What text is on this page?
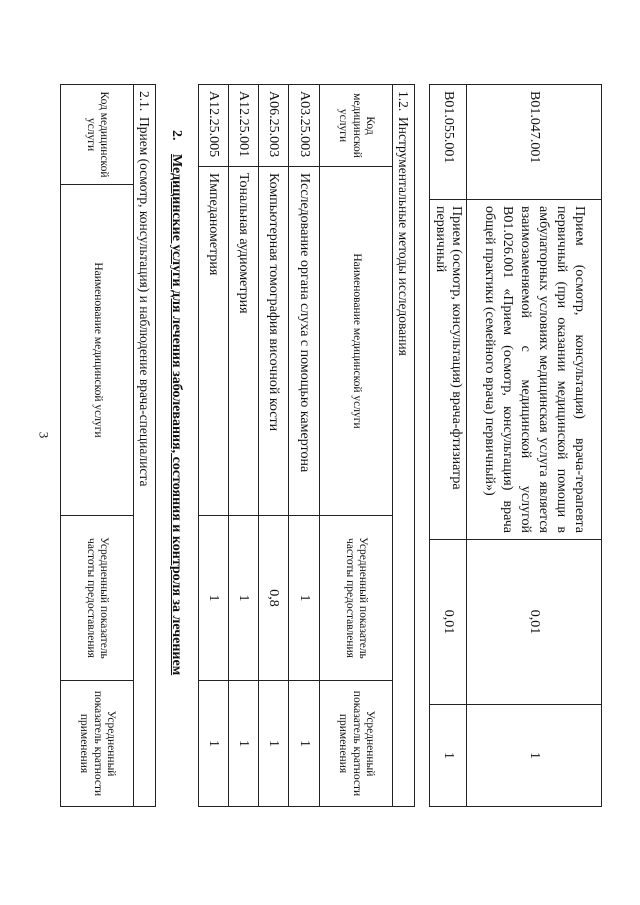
3
B01.047.001	Прием (осмотр, консультация) врача-терапевта первичный (при оказании медицинской помощи в амбулаторных условиях медицинская услуга является взаимозаменяемой с медицинской услугой B01.026.001 «Прием (осмотр, консультация) врача общей практики (семейного врача) первичный»)	0,01	1
B01.055.001	Прием (осмотр, консультация) врача-фтизиатра первичный	0,01	1
1.2.Инструментальные методы исследования			
Код медицинской услуги	Наименование медицинской услуги	Усредненный показатель частоты предоставления	Усредненный показатель кратности применения
A03.25.003	Исследование органа слуха с помощью камертона	1	1
A06.25.003	Компьютерная томография височной кости	0,8	1
A12.25.001	Тональная аудиометрия	1	1
A12.25.005	Импеданометрия	1	1
2.Медицинские услуги для лечения заболевания, состояния и контроля за лечением
2.1.Прием (осмотр, консультация) и наблюдение врача-специалиста
Код медицинской услуги	Наименование медицинской услуги	Усредненный показатель частоты предоставления	Усредненный показатель кратности применения
